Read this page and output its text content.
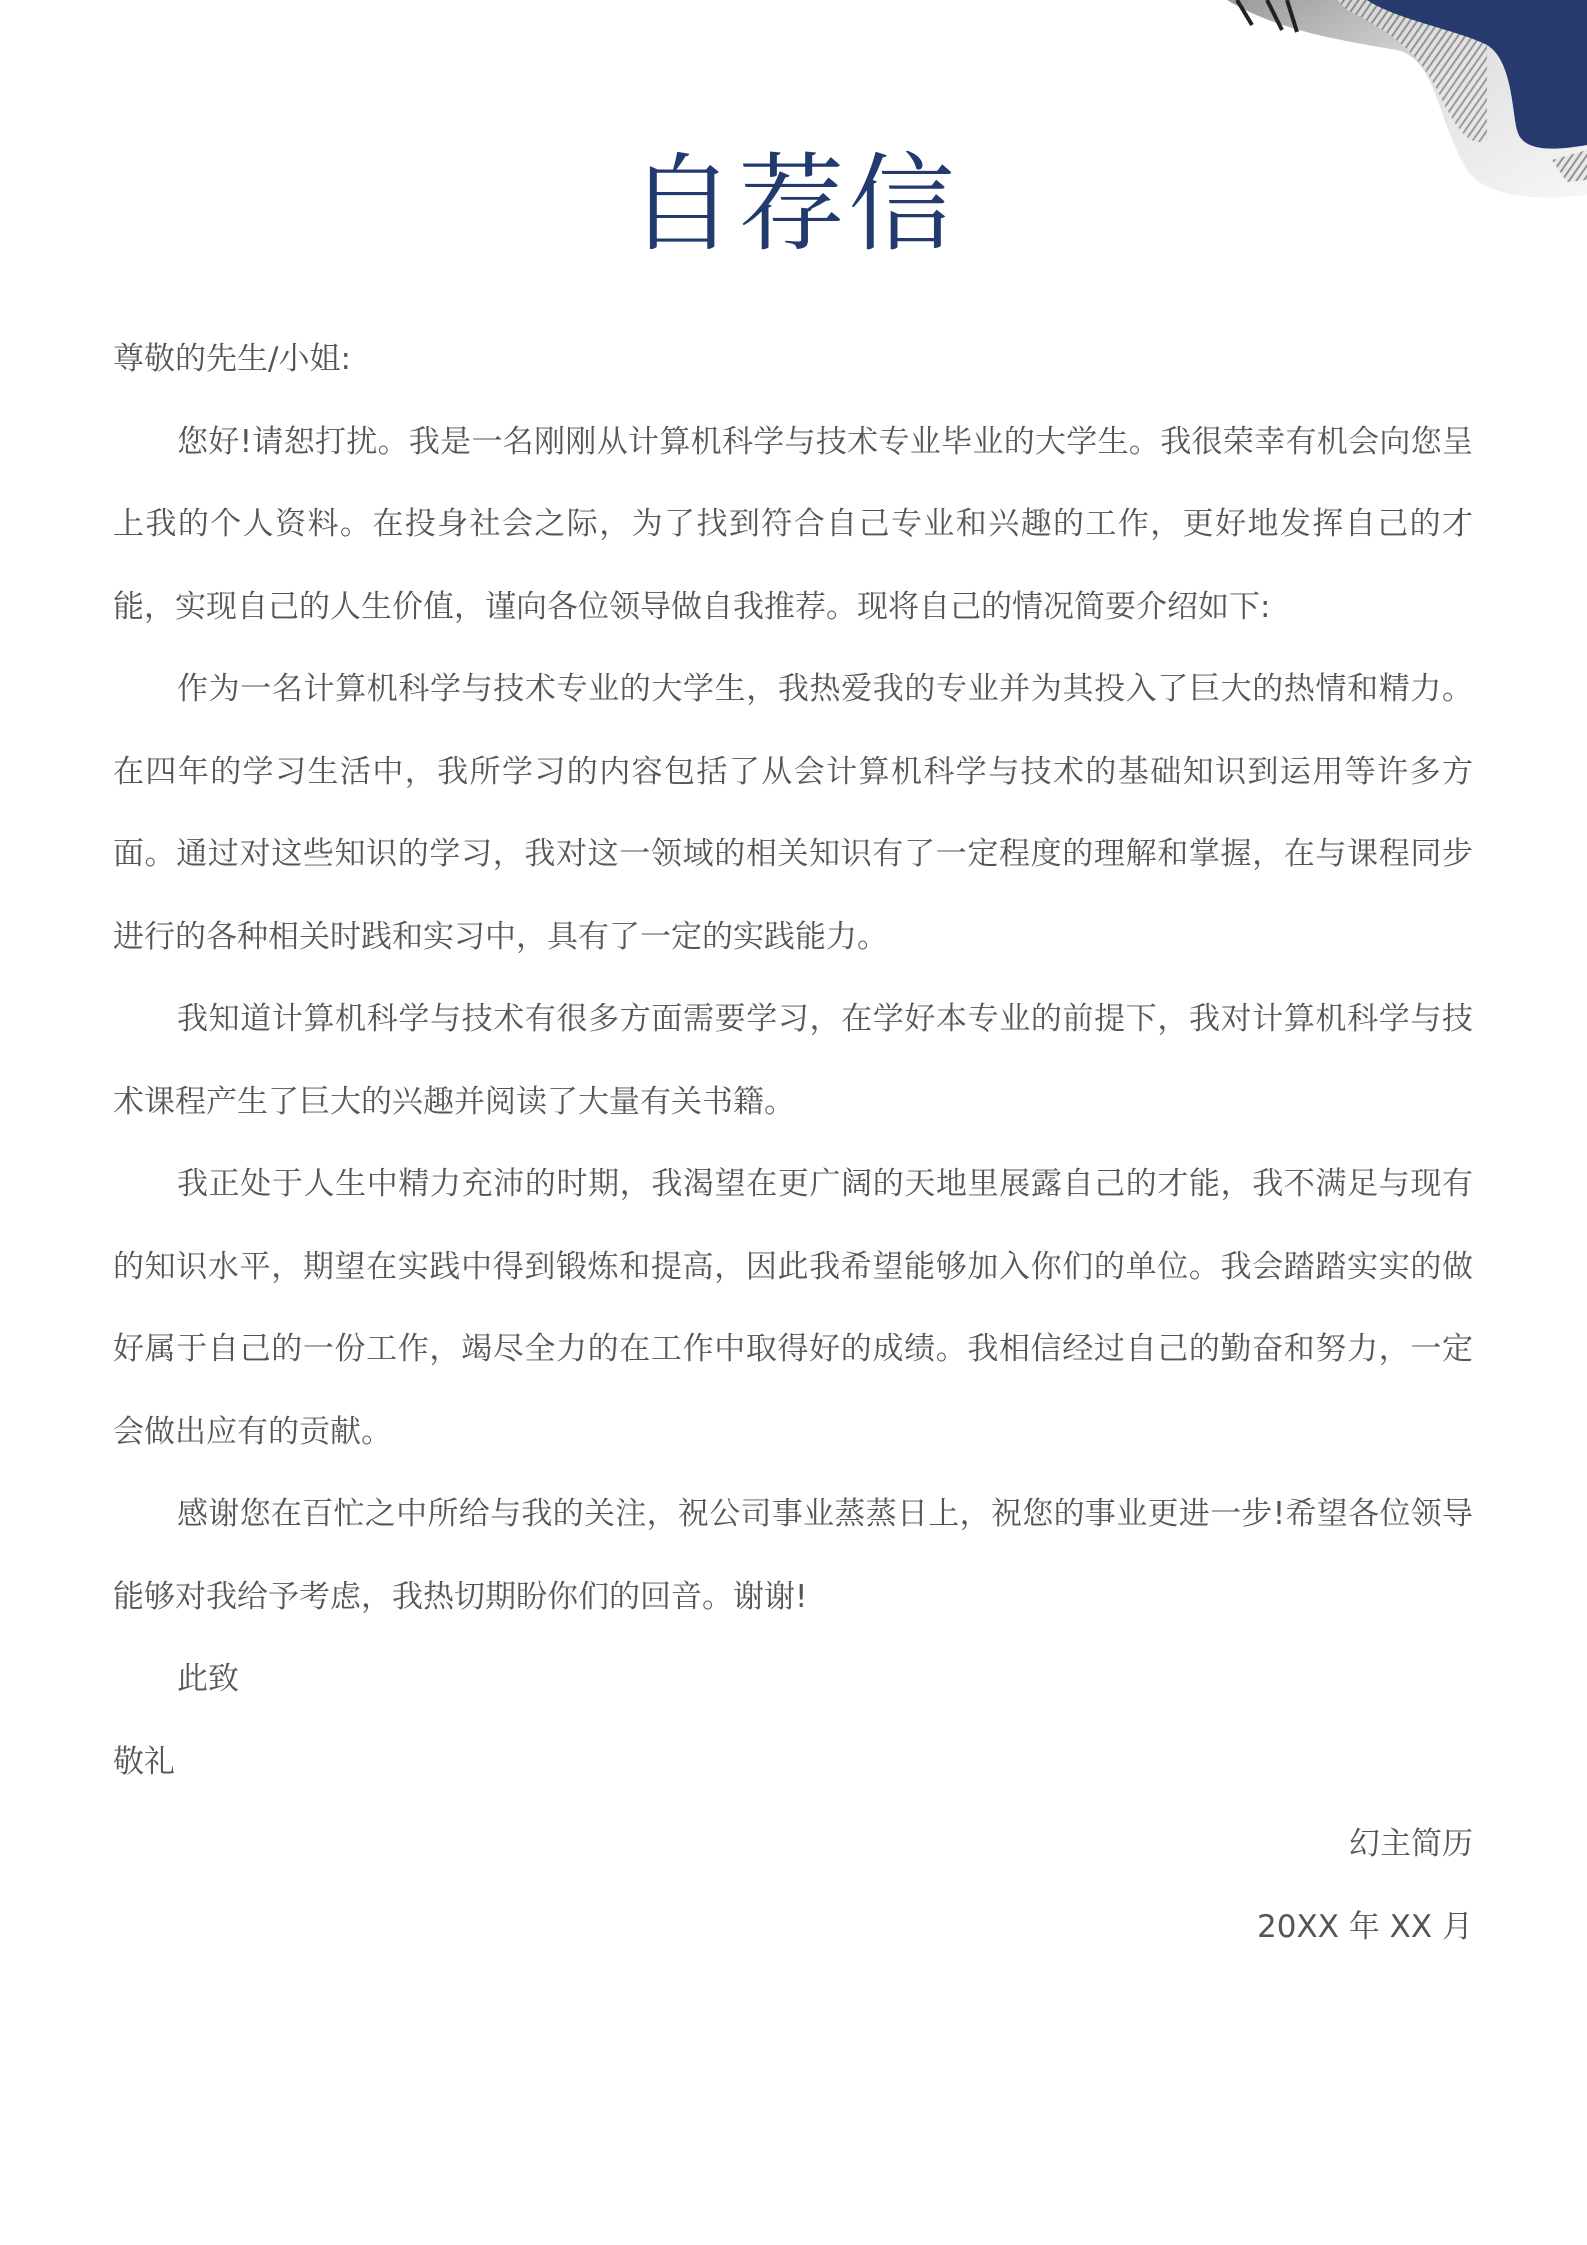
自荐信

尊敬的先生/小姐:

您好!请恕打扰。我是一名刚刚从计算机科学与技术专业毕业的大学生。我很荣幸有机会向您呈上我的个人资料。在投身社会之际，为了找到符合自己专业和兴趣的工作，更好地发挥自己的才能，实现自己的人生价值，谨向各位领导做自我推荐。现将自己的情况简要介绍如下:

作为一名计算机科学与技术专业的大学生，我热爱我的专业并为其投入了巨大的热情和精力。在四年的学习生活中，我所学习的内容包括了从会计算机科学与技术的基础知识到运用等许多方面。通过对这些知识的学习，我对这一领域的相关知识有了一定程度的理解和掌握，在与课程同步进行的各种相关时践和实习中，具有了一定的实践能力。

我知道计算机科学与技术有很多方面需要学习，在学好本专业的前提下，我对计算机科学与技术课程产生了巨大的兴趣并阅读了大量有关书籍。

我正处于人生中精力充沛的时期，我渴望在更广阔的天地里展露自己的才能，我不满足与现有的知识水平，期望在实践中得到锻炼和提高，因此我希望能够加入你们的单位。我会踏踏实实的做好属于自己的一份工作，竭尽全力的在工作中取得好的成绩。我相信经过自己的勤奋和努力，一定会做出应有的贡献。

感谢您在百忙之中所给与我的关注，祝公司事业蒸蒸日上，祝您的事业更进一步!希望各位领导能够对我给予考虑，我热切期盼你们的回音。谢谢!

此致

敬礼

幻主简历

20XX 年 XX 月
